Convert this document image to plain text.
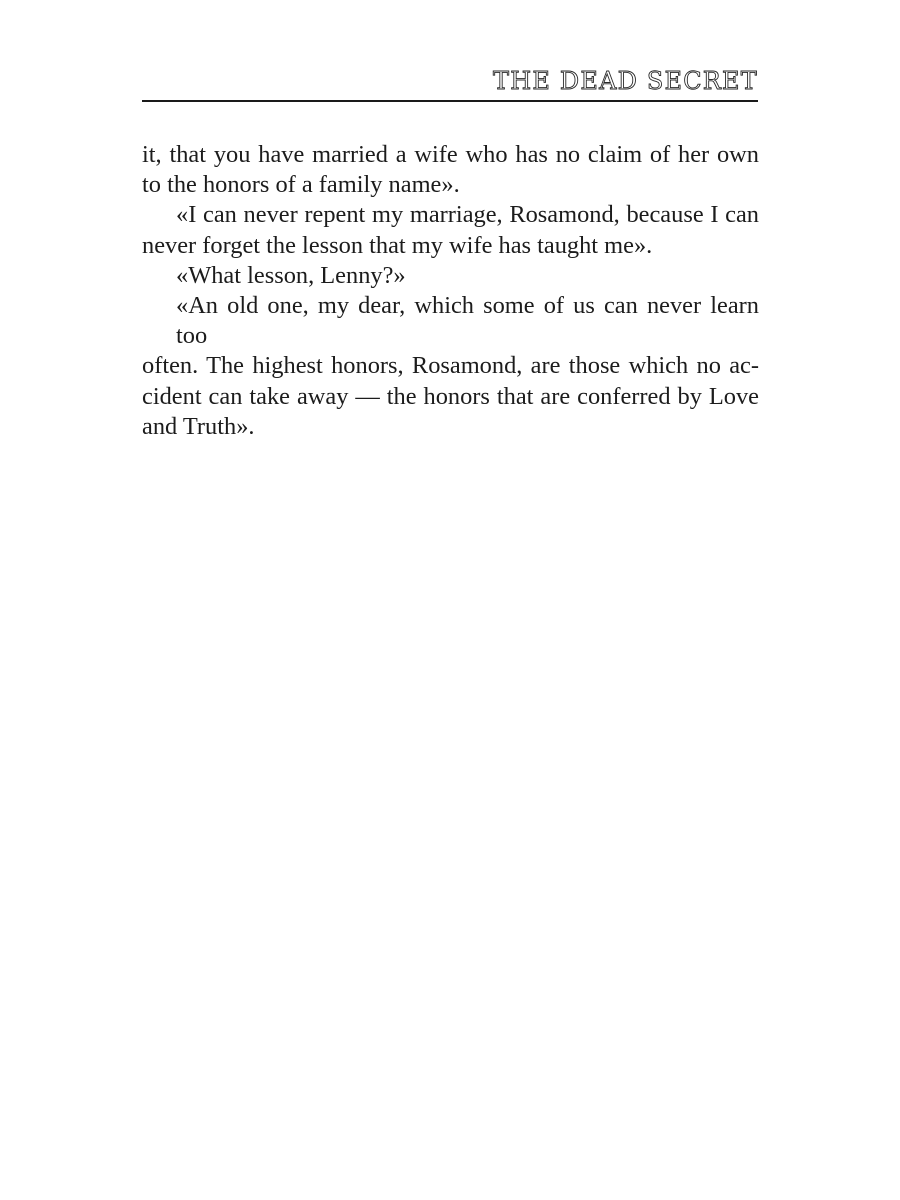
THE DEAD SECRET
it, that you have married a wife who has no claim of her own
to the honors of a family name».
«I can never repent my marriage, Rosamond, because I can
never forget the lesson that my wife has taught me».
«What lesson, Lenny?»
«An old one, my dear, which some of us can never learn too
often. The highest honors, Rosamond, are those which no ac-
cident can take away — the honors that are conferred by Love
and Truth».
